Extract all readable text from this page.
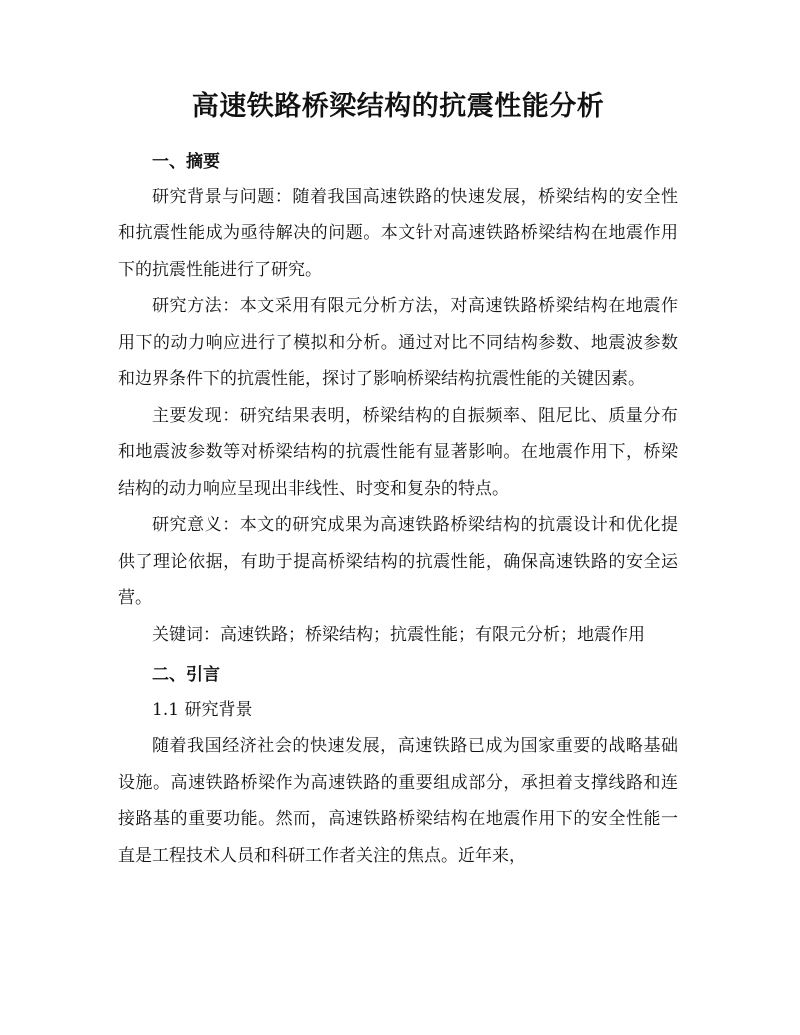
高速铁路桥梁结构的抗震性能分析

一、摘要

研究背景与问题：随着我国高速铁路的快速发展，桥梁结构的安全性和抗震性能成为亟待解决的问题。本文针对高速铁路桥梁结构在地震作用下的抗震性能进行了研究。

研究方法：本文采用有限元分析方法，对高速铁路桥梁结构在地震作用下的动力响应进行了模拟和分析。通过对比不同结构参数、地震波参数和边界条件下的抗震性能，探讨了影响桥梁结构抗震性能的关键因素。

主要发现：研究结果表明，桥梁结构的自振频率、阻尼比、质量分布和地震波参数等对桥梁结构的抗震性能有显著影响。在地震作用下，桥梁结构的动力响应呈现出非线性、时变和复杂的特点。

研究意义：本文的研究成果为高速铁路桥梁结构的抗震设计和优化提供了理论依据，有助于提高桥梁结构的抗震性能，确保高速铁路的安全运营。

关键词：高速铁路；桥梁结构；抗震性能；有限元分析；地震作用

二、引言

1.1 研究背景

随着我国经济社会的快速发展，高速铁路已成为国家重要的战略基础设施。高速铁路桥梁作为高速铁路的重要组成部分，承担着支撑线路和连接路基的重要功能。然而，高速铁路桥梁结构在地震作用下的安全性能一直是工程技术人员和科研工作者关注的焦点。近年来，
